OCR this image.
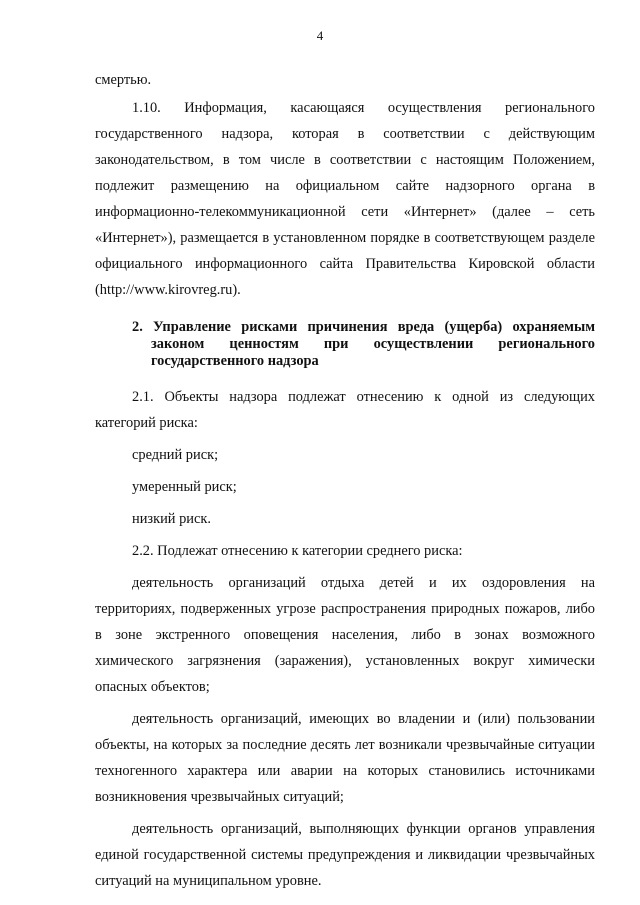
4

смертью.

1.10. Информация, касающаяся осуществления регионального государственного надзора, которая в соответствии с действующим законодательством, в том числе в соответствии с настоящим Положением, подлежит размещению на официальном сайте надзорного органа в информационно-телекоммуникационной сети «Интернет» (далее – сеть «Интернет»), размещается в установленном порядке в соответствующем разделе официального информационного сайта Правительства Кировской области (http://www.kirovreg.ru).

2. Управление рисками причинения вреда (ущерба) охраняемым законом ценностям при осуществлении регионального государственного надзора

2.1. Объекты надзора подлежат отнесению к одной из следующих категорий риска:

средний риск;

умеренный риск;

низкий риск.

2.2. Подлежат отнесению к категории среднего риска:

деятельность организаций отдыха детей и их оздоровления на территориях, подверженных угрозе распространения природных пожаров, либо в зоне экстренного оповещения населения, либо в зонах возможного химического загрязнения (заражения), установленных вокруг химически опасных объектов;

деятельность организаций, имеющих во владении и (или) пользовании объекты, на которых за последние десять лет возникали чрезвычайные ситуации техногенного характера или аварии на которых становились источниками возникновения чрезвычайных ситуаций;

деятельность организаций, выполняющих функции органов управления единой государственной системы предупреждения и ликвидации чрезвычайных ситуаций на муниципальном уровне.
